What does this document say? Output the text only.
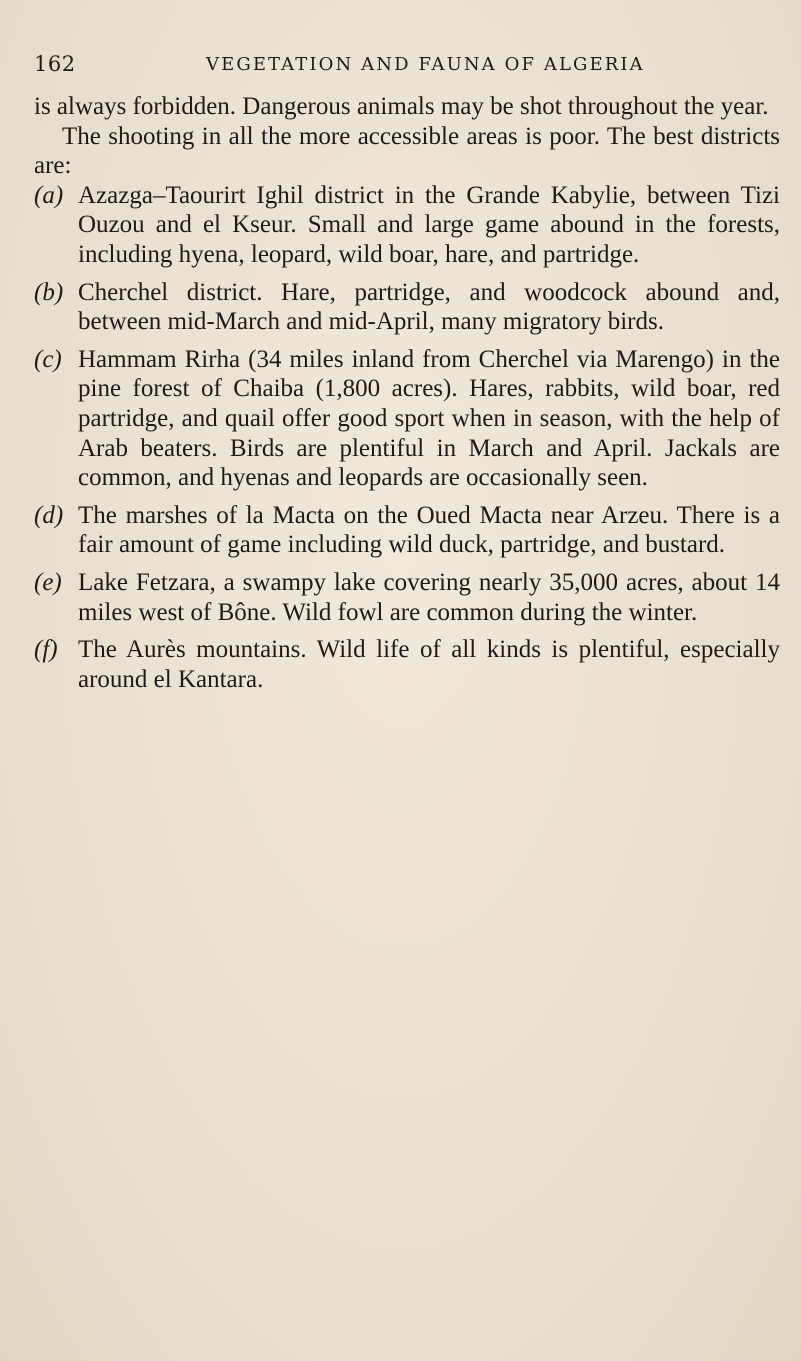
162	VEGETATION AND FAUNA OF ALGERIA

is always forbidden. Dangerous animals may be shot throughout the year.

The shooting in all the more accessible areas is poor. The best districts are:

(a) Azazga–Taourirt Ighil district in the Grande Kabylie, between Tizi Ouzou and el Kseur. Small and large game abound in the forests, including hyena, leopard, wild boar, hare, and partridge.
(b) Cherchel district. Hare, partridge, and woodcock abound and, between mid-March and mid-April, many migratory birds.
(c) Hammam Rirha (34 miles inland from Cherchel via Marengo) in the pine forest of Chaiba (1,800 acres). Hares, rabbits, wild boar, red partridge, and quail offer good sport when in season, with the help of Arab beaters. Birds are plentiful in March and April. Jackals are common, and hyenas and leopards are occasionally seen.
(d) The marshes of la Macta on the Oued Macta near Arzeu. There is a fair amount of game including wild duck, partridge, and bustard.
(e) Lake Fetzara, a swampy lake covering nearly 35,000 acres, about 14 miles west of Bône. Wild fowl are common during the winter.
(f) The Aurès mountains. Wild life of all kinds is plentiful, especially around el Kantara.
